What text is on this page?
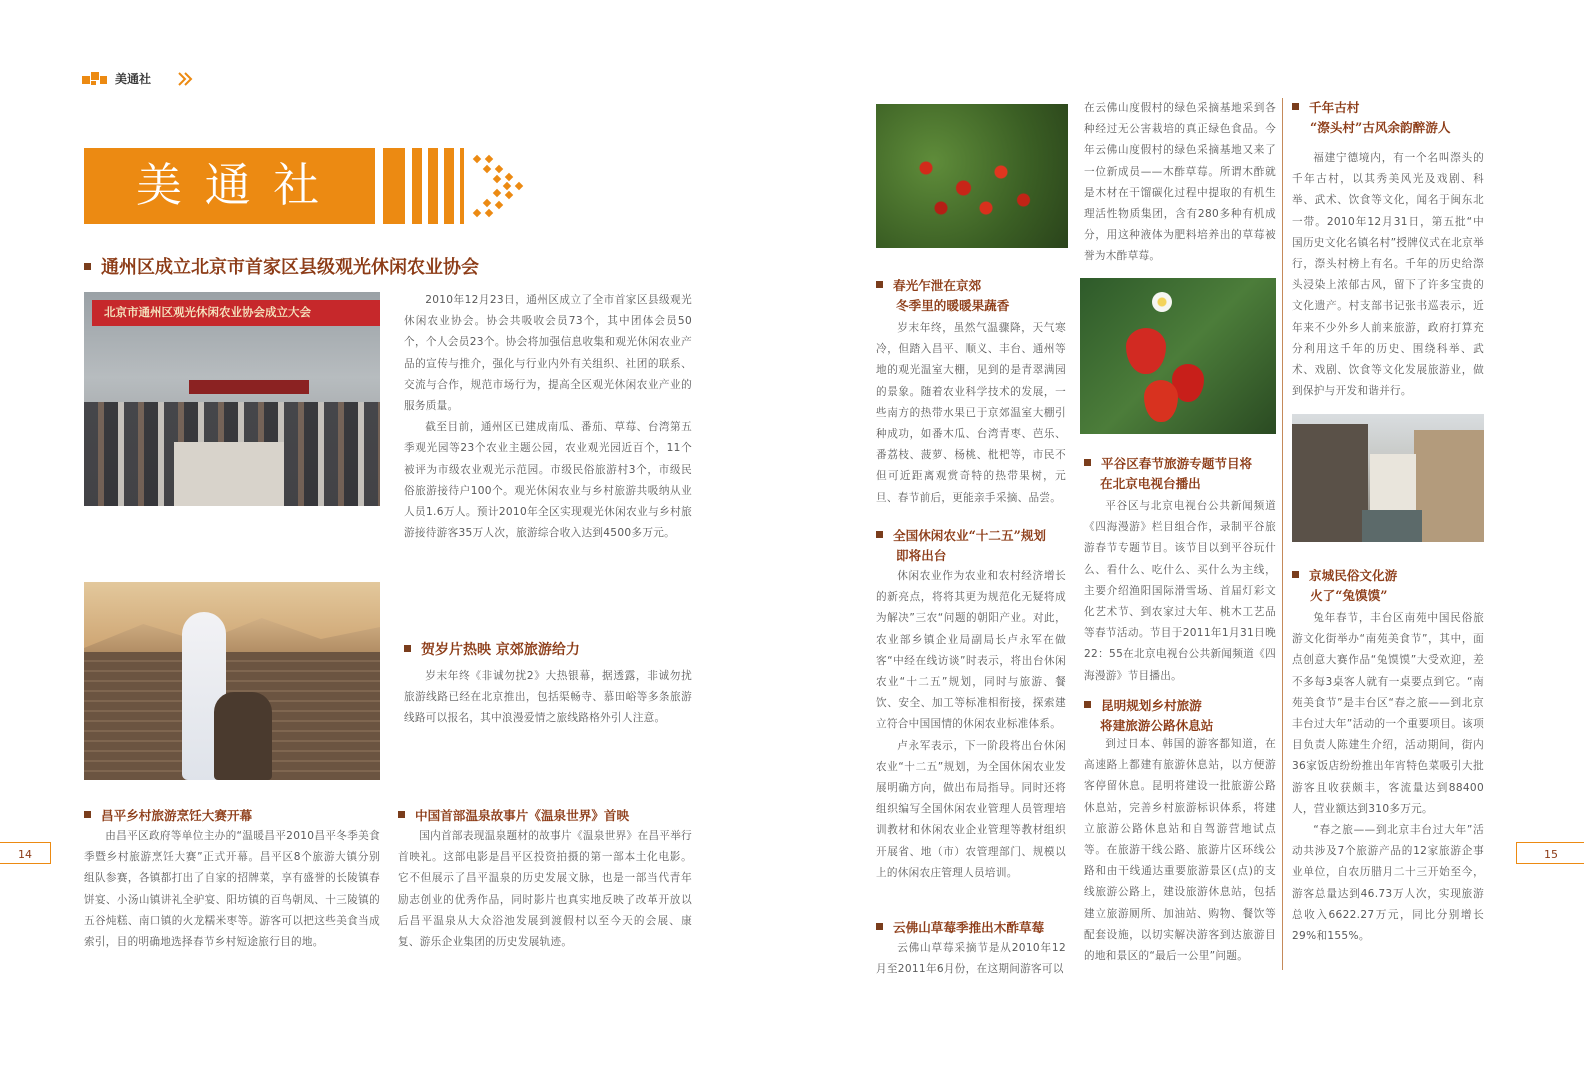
美通社
美 通 社
通州区成立北京市首家区县级观光休闲农业协会
北京市通州区观光休闲农业协会成立大会

2010年12月23日，通州区成立了全市首家区县级观光休闲农业协会。协会共吸收会员73个，其中团体会员50个，个人会员23个。协会将加强信息收集和观光休闲农业产品的宣传与推介，强化与行业内外有关组织、社团的联系、交流与合作，规范市场行为，提高全区观光休闲农业产业的服务质量。

截至目前，通州区已建成南瓜、番茄、草莓、台湾第五季观光园等23个农业主题公园，农业观光园近百个，11个被评为市级农业观光示范园。市级民俗旅游村3个，市级民俗旅游接待户100个。观光休闲农业与乡村旅游共吸纳从业人员1.6万人。预计2010年全区实现观光休闲农业与乡村旅游接待游客35万人次，旅游综合收入达到4500多万元。

贺岁片热映 京郊旅游给力

岁末年终《非诚勿扰2》大热银幕，据透露，非诚勿扰旅游线路已经在北京推出，包括渠畅寺、慕田峪等多条旅游线路可以报名，其中浪漫爱情之旅线路格外引人注意。

昌平乡村旅游烹饪大赛开幕

由昌平区政府等单位主办的“温暖昌平2010昌平冬季美食季暨乡村旅游烹饪大赛”正式开幕。昌平区8个旅游大镇分别组队参赛，各镇都打出了自家的招牌菜，享有盛誉的长陵镇春饼宴、小汤山镇讲礼全驴宴、阳坊镇的百鸟朝凤、十三陵镇的五谷炖糕、南口镇的火龙糯米枣等。游客可以把这些美食当成索引，目的明确地选择春节乡村短途旅行目的地。

中国首部温泉故事片《温泉世界》首映

国内首部表现温泉题材的故事片《温泉世界》在昌平举行首映礼。这部电影是昌平区投资拍摄的第一部本土化电影。它不但展示了昌平温泉的历史发展文脉，也是一部当代青年励志创业的优秀作品，同时影片也真实地反映了改革开放以后昌平温泉从大众浴池发展到渡假村以至今天的会展、康复、游乐企业集团的历史发展轨迹。

14
春光乍泄在京郊
冬季里的暖暖果蔬香

岁末年终，虽然气温骤降，天气寒冷，但踏入昌平、顺义、丰台、通州等地的观光温室大棚，见到的是青翠满园的景象。随着农业科学技术的发展，一些南方的热带水果已于京郊温室大棚引种成功，如番木瓜、台湾青枣、芭乐、番荔枝、菠萝、杨桃、枇杷等，市民不但可近距离观赏奇特的热带果树，元旦、春节前后，更能亲手采摘、品尝。

全国休闲农业“十二五”规划
即将出台

休闲农业作为农业和农村经济增长的新亮点，将将其更为规范化无疑将成为解决”三农“问题的朝阳产业。对此，农业部乡镇企业局副局长卢永军在做客“中经在线访谈”时表示，将出台休闲农业“十二五”规划，同时与旅游、餐饮、安全、加工等标准相衔接，探索建立符合中国国情的休闲农业标准体系。

卢永军表示，下一阶段将出台休闲农业“十二五”规划，为全国休闲农业发展明确方向，做出布局指导。同时还将组织编写全国休闲农业管理人员管理培训教材和休闲农业企业管理等教材组织开展省、地（市）农管理部门、规模以上的休闲农庄管理人员培训。

云佛山草莓季推出木酢草莓

云佛山草莓采摘节是从2010年12月至2011年6月份，在这期间游客可以

在云佛山度假村的绿色采摘基地采到各种经过无公害栽培的真正绿色食品。今年云佛山度假村的绿色采摘基地又来了一位新成员——木酢草莓。所谓木酢就是木材在干馏碳化过程中提取的有机生理活性物质集团，含有280多种有机成分，用这种液体为肥料培养出的草莓被誉为木酢草莓。

平谷区春节旅游专题节目将
在北京电视台播出

平谷区与北京电视台公共新闻频道《四海漫游》栏目组合作，录制平谷旅游春节专题节目。该节目以到平谷玩什么、看什么、吃什么、买什么为主线，主要介绍渔阳国际滑雪场、首届灯彩文化艺术节、到农家过大年、桃木工艺品等春节活动。节目于2011年1月31日晚22：55在北京电视台公共新闻频道《四海漫游》节目播出。

昆明规划乡村旅游
将建旅游公路休息站

到过日本、韩国的游客都知道，在高速路上都建有旅游休息站，以方便游客停留休息。昆明将建设一批旅游公路休息站，完善乡村旅游标识体系，将建立旅游公路休息站和自驾游营地试点等。在旅游干线公路、旅游片区环线公路和由干线通达重要旅游景区(点)的支线旅游公路上，建设旅游休息站，包括建立旅游厕所、加油站、购物、餐饮等配套设施，以切实解决游客到达旅游目的地和景区的“最后一公里”问题。

千年古村
“漈头村”古风余韵醉游人

福建宁德境内，有一个名叫漈头的千年古村，以其秀美风光及戏剧、科举、武术、饮食等文化，闻名于闽东北一带。2010年12月31日，第五批“中国历史文化名镇名村”授牌仪式在北京举行，漈头村榜上有名。千年的历史给漈头浸染上浓郁古风，留下了许多宝贵的文化遗产。村支部书记张书巡表示，近年来不少外乡人前来旅游，政府打算充分利用这千年的历史、围绕科举、武术、戏剧、饮食等文化发展旅游业，做到保护与开发和谐并行。

京城民俗文化游
火了“兔馍馍”

兔年春节，丰台区南苑中国民俗旅游文化街举办“南苑美食节”，其中，面点创意大赛作品“兔馍馍”大受欢迎，差不多每3桌客人就有一桌要点到它。“南苑美食节”是丰台区“春之旅——到北京丰台过大年”活动的一个重要项目。该项目负责人陈建生介绍，活动期间，街内36家饭店纷纷推出年宵特色菜吸引大批游客且收获颇丰，客流量达到88400人，营业额达到310多万元。

“春之旅——到北京丰台过大年”活动共涉及7个旅游产品的12家旅游企事业单位，自农历腊月二十三开始至今，游客总量达到46.73万人次，实现旅游总收入6622.27万元，同比分别增长29%和155%。

15
